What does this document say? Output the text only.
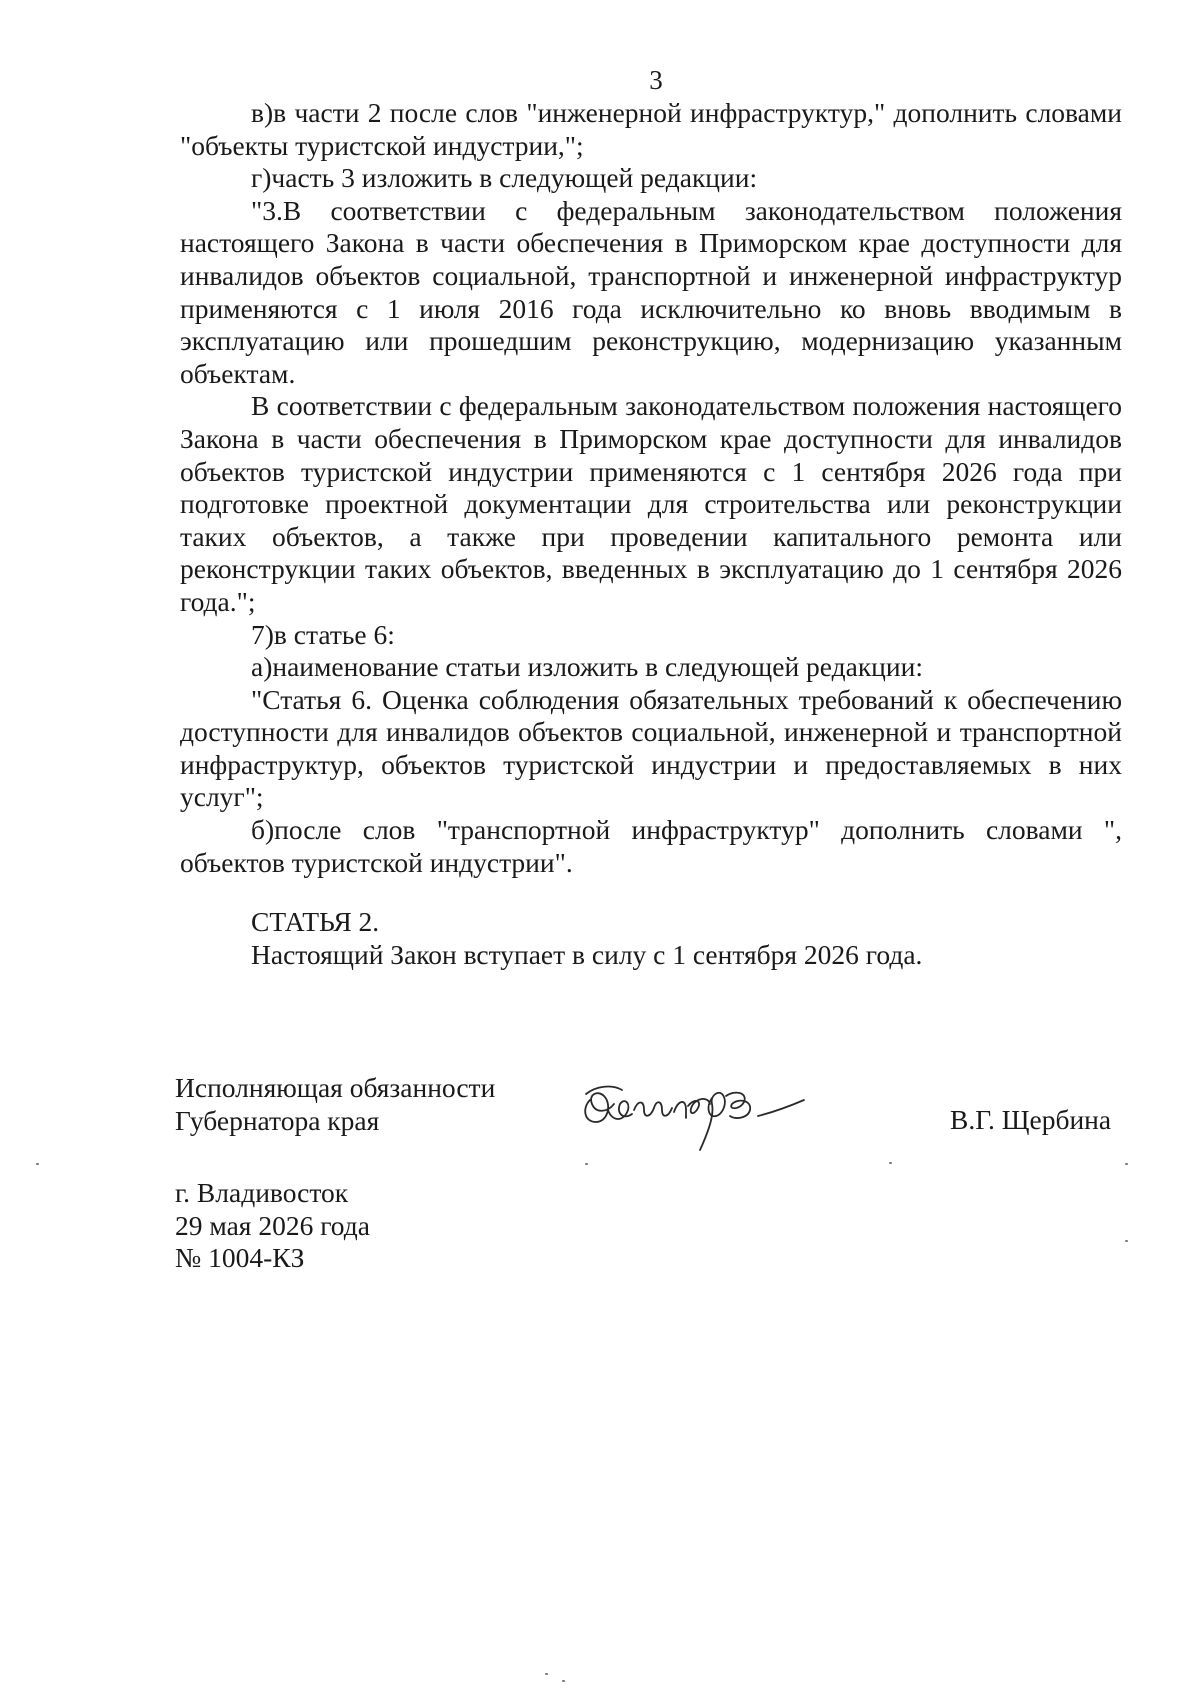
3

в)в части 2 после слов "инженерной инфраструктур," дополнить словами "объекты туристской индустрии,";

г)часть 3 изложить в следующей редакции:

"3.В соответствии с федеральным законодательством положения настоящего Закона в части обеспечения в Приморском крае доступности для инвалидов объектов социальной, транспортной и инженерной инфраструктур применяются с 1 июля 2016 года исключительно ко вновь вводимым в эксплуатацию или прошедшим реконструкцию, модернизацию указанным объектам.

В соответствии с федеральным законодательством положения настоящего Закона в части обеспечения в Приморском крае доступности для инвалидов объектов туристской индустрии применяются с 1 сентября 2026 года при подготовке проектной документации для строительства или реконструкции таких объектов, а также при проведении капитального ремонта или реконструкции таких объектов, введенных в эксплуатацию до 1 сентября 2026 года.";

7)в статье 6:

а)наименование статьи изложить в следующей редакции:

"Статья 6. Оценка соблюдения обязательных требований к обеспечению доступности для инвалидов объектов социальной, инженерной и транспортной инфраструктур, объектов туристской индустрии и предоставляемых в них услуг";

б)после слов "транспортной инфраструктур" дополнить словами ", объектов туристской индустрии".

СТАТЬЯ 2.
Настоящий Закон вступает в силу с 1 сентября 2026 года.
Исполняющая обязанности
Губернатора края	В.Г. Щербина
г. Владивосток
29 мая 2026 года
№ 1004-КЗ
